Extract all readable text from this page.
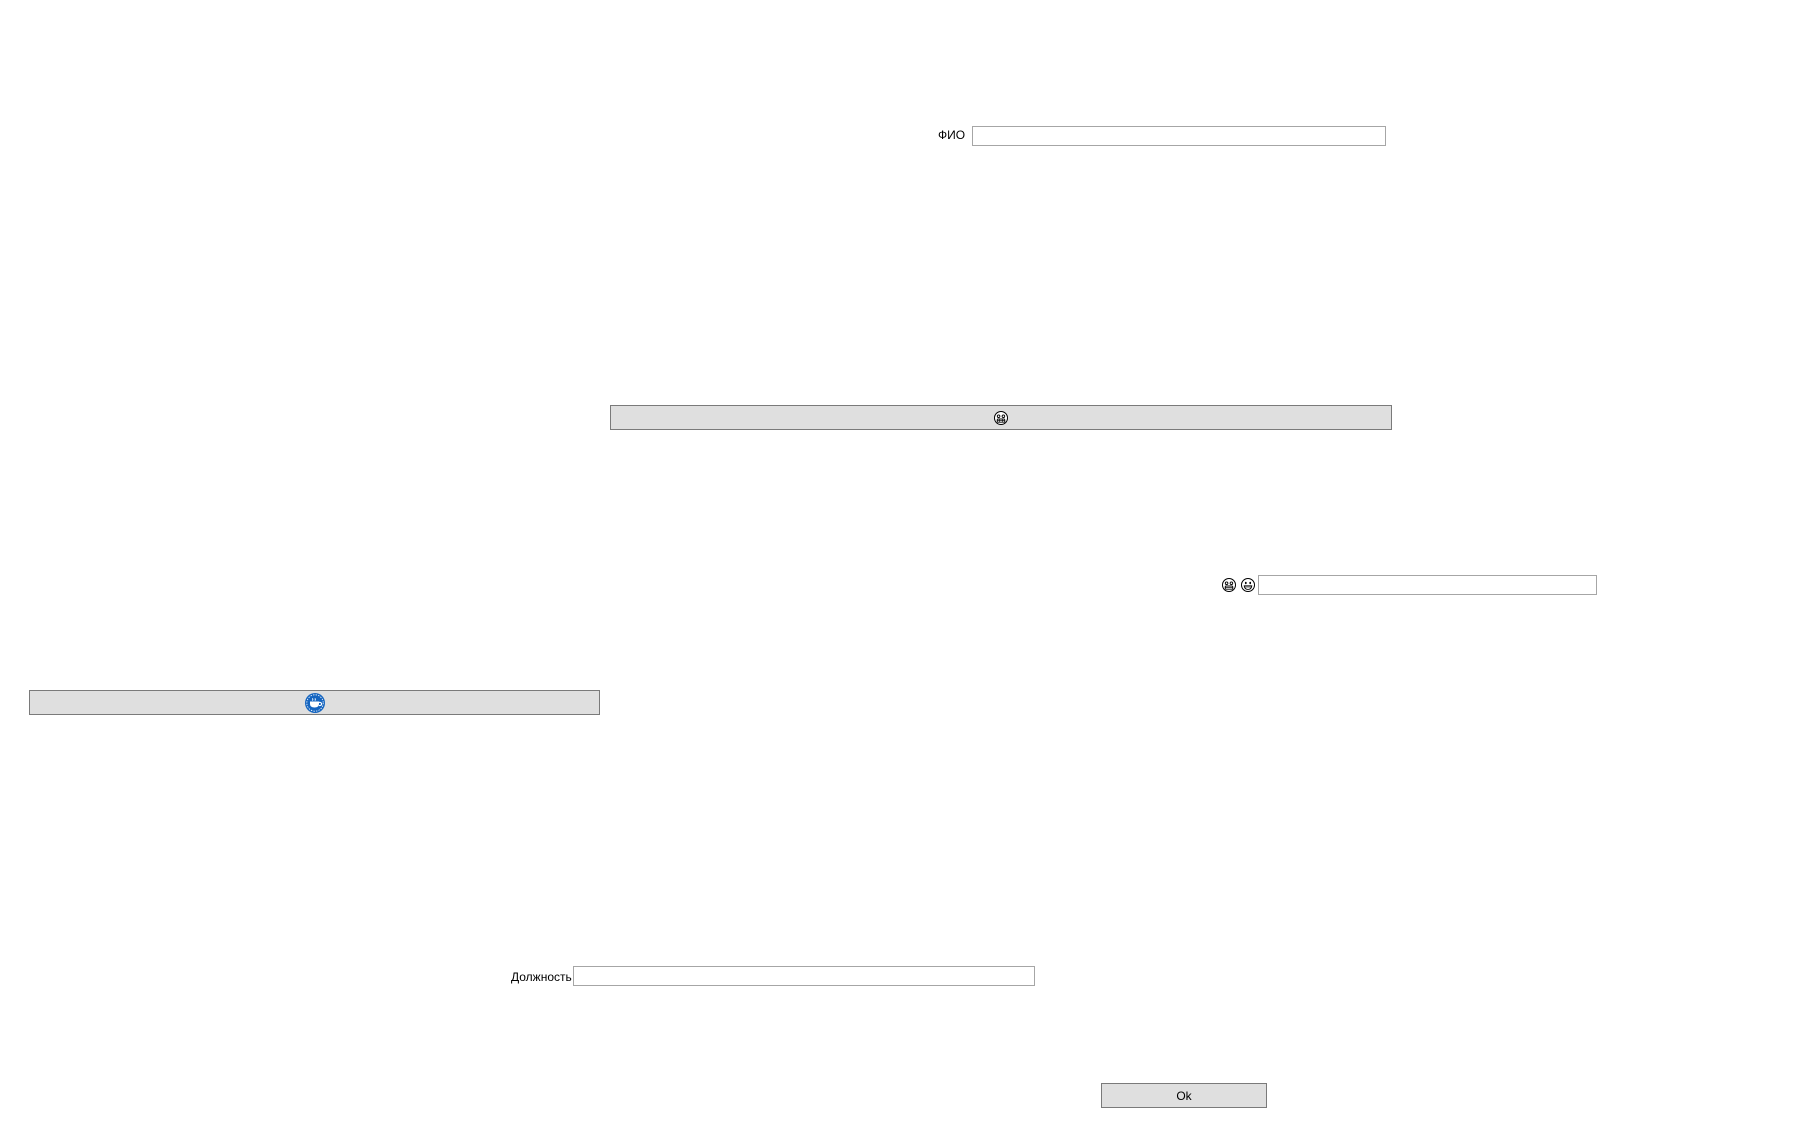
ФИО
Должность
Ok
